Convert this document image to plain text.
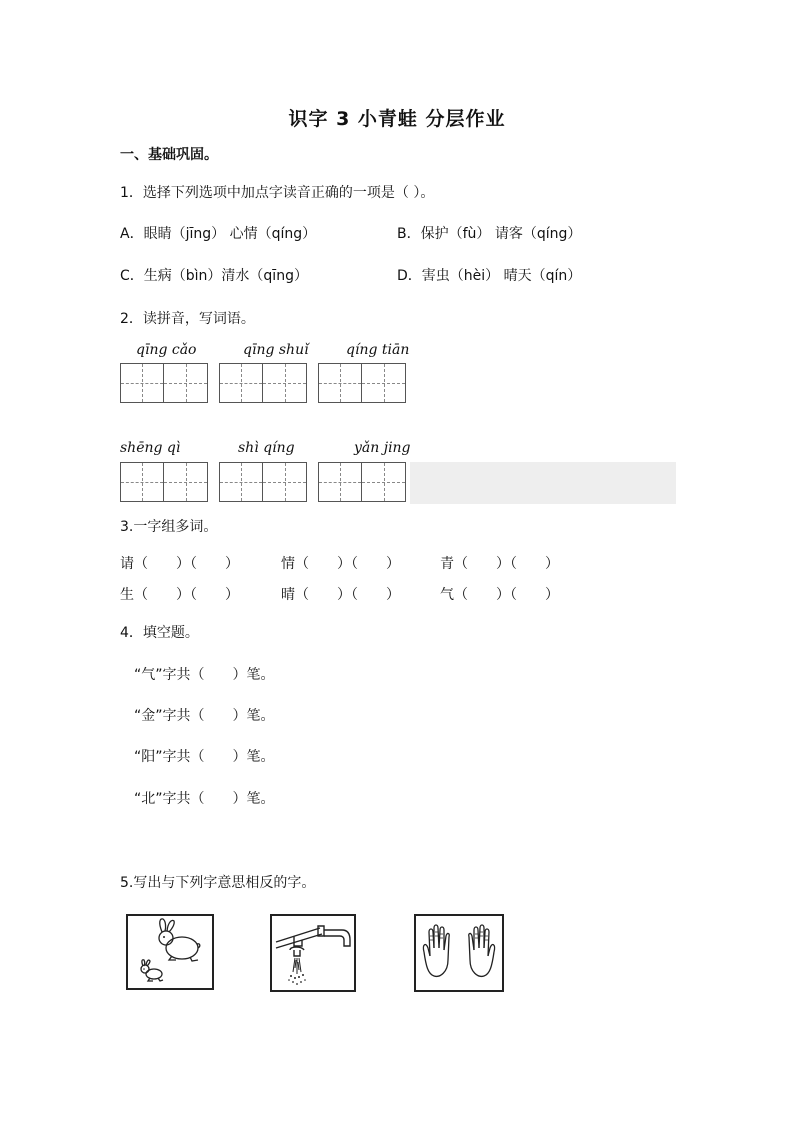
识字 3 小青蛙 分层作业
一、基础巩固。
1．选择下列选项中加点字读音正确的一项是（ ）。
A．眼睛（jīng） 心情（qíng）	B．保护（fù） 请客（qíng）
C．生病（bìn）清水（qīng）	D．害虫（hèi） 晴天（qín）
2．读拼音，写词语。
qīng cǎo	qīng shuǐ	qíng tiān
shēng qì	shì qíng	yǎn jing
3.一字组多词。
请（　　）（　　）	情（　　）（　　）	青（　　）（　　）
生（　　）（　　）	晴（　　）（　　）	气（　　）（　　）
4．填空题。
“气”字共（　　）笔。
“金”字共（　　）笔。
“阳”字共（　　）笔。
“北”字共（　　）笔。
5.写出与下列字意思相反的字。
